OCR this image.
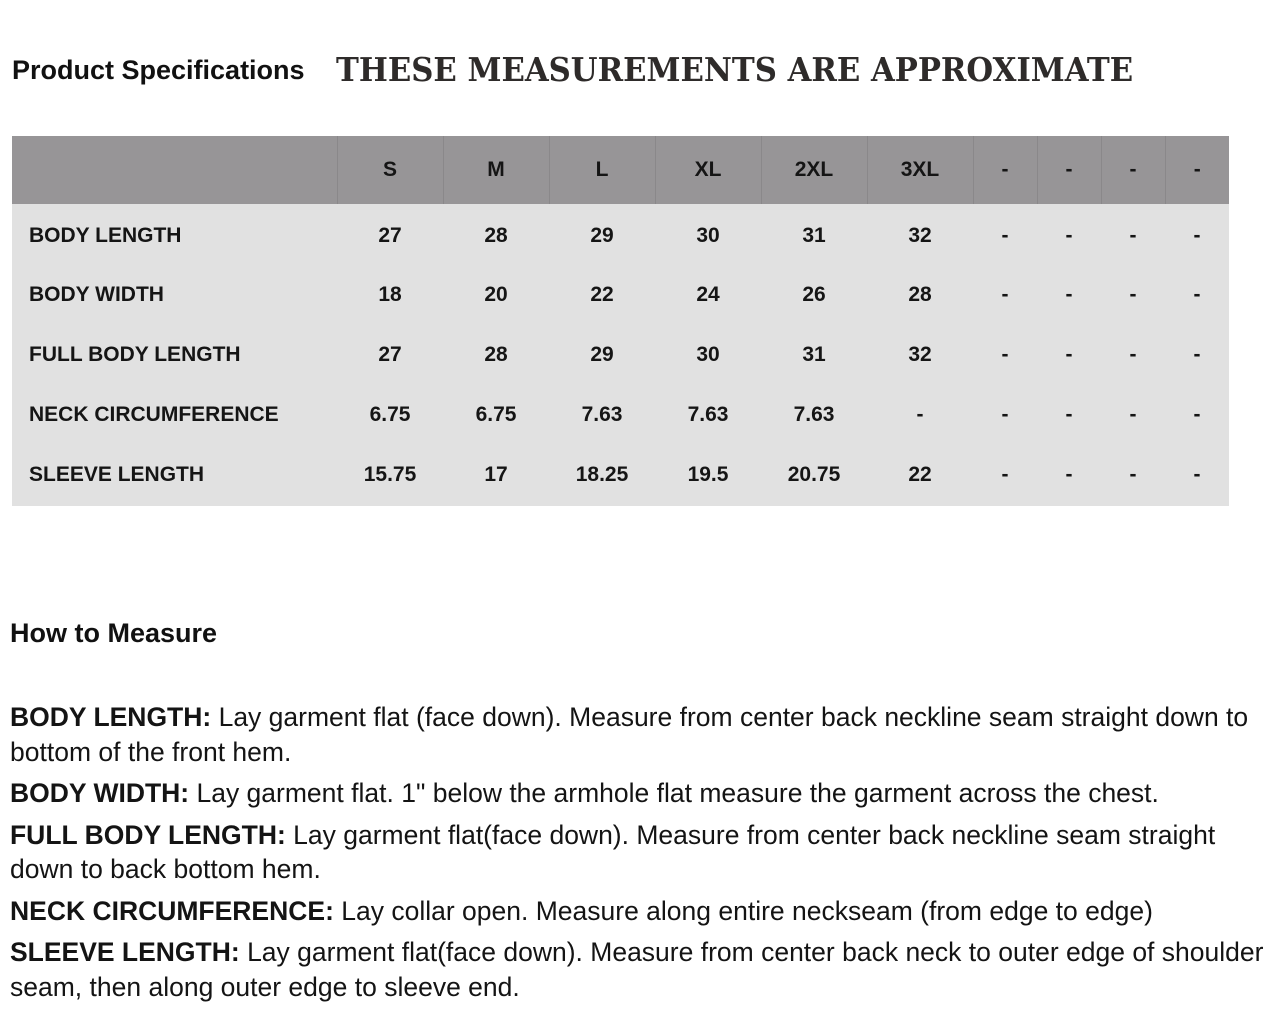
Product Specifications THESE MEASUREMENTS ARE APPROXIMATE
	S	M	L	XL	2XL	3XL	-	-	-	-
BODY LENGTH	27	28	29	30	31	32	-	-	-	-
BODY WIDTH	18	20	22	24	26	28	-	-	-	-
FULL BODY LENGTH	27	28	29	30	31	32	-	-	-	-
NECK CIRCUMFERENCE	6.75	6.75	7.63	7.63	7.63	-	-	-	-	-
SLEEVE LENGTH	15.75	17	18.25	19.5	20.75	22	-	-	-	-
How to Measure

BODY LENGTH: Lay garment flat (face down). Measure from center back neckline seam straight down to bottom of the front hem.

BODY WIDTH: Lay garment flat. 1" below the armhole flat measure the garment across the chest.

FULL BODY LENGTH: Lay garment flat(face down). Measure from center back neckline seam straight down to back bottom hem.

NECK CIRCUMFERENCE: Lay collar open. Measure along entire neckseam (from edge to edge)

SLEEVE LENGTH: Lay garment flat(face down). Measure from center back neck to outer edge of shoulder seam, then along outer edge to sleeve end.
